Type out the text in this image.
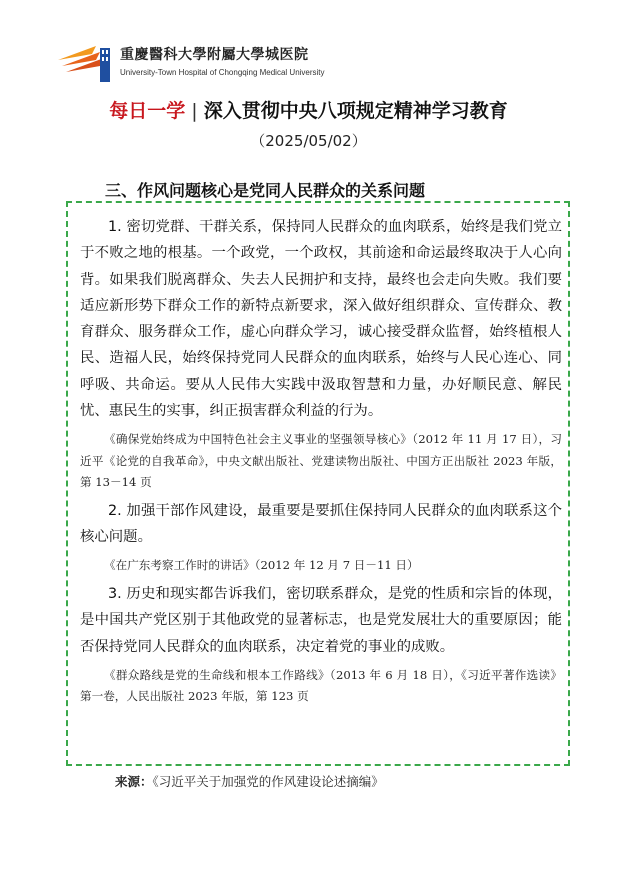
重慶醫科大學附屬大學城医院
University-Town Hospital of Chongqing Medical University
每日一学 | 深入贯彻中央八项规定精神学习教育
（2025/05/02）
三、作风问题核心是党同人民群众的关系问题

1. 密切党群、干群关系，保持同人民群众的血肉联系，始终是我们党立于不败之地的根基。一个政党，一个政权，其前途和命运最终取决于人心向背。如果我们脱离群众、失去人民拥护和支持，最终也会走向失败。我们要适应新形势下群众工作的新特点新要求，深入做好组织群众、宣传群众、教育群众、服务群众工作，虚心向群众学习，诚心接受群众监督，始终植根人民、造福人民，始终保持党同人民群众的血肉联系，始终与人民心连心、同呼吸、共命运。要从人民伟大实践中汲取智慧和力量，办好顺民意、解民忧、惠民生的实事，纠正损害群众利益的行为。

《确保党始终成为中国特色社会主义事业的坚强领导核心》（2012 年 11 月 17 日），习近平《论党的自我革命》，中央文献出版社、党建读物出版社、中国方正出版社 2023 年版，第 13－14 页

2. 加强干部作风建设，最重要是要抓住保持同人民群众的血肉联系这个核心问题。

《在广东考察工作时的讲话》（2012 年 12 月 7 日－11 日）

3. 历史和现实都告诉我们，密切联系群众，是党的性质和宗旨的体现，是中国共产党区别于其他政党的显著标志，也是党发展壮大的重要原因；能否保持党同人民群众的血肉联系，决定着党的事业的成败。

《群众路线是党的生命线和根本工作路线》（2013 年 6 月 18 日），《习近平著作选读》第一卷，人民出版社 2023 年版，第 123 页

来源：《习近平关于加强党的作风建设论述摘编》
